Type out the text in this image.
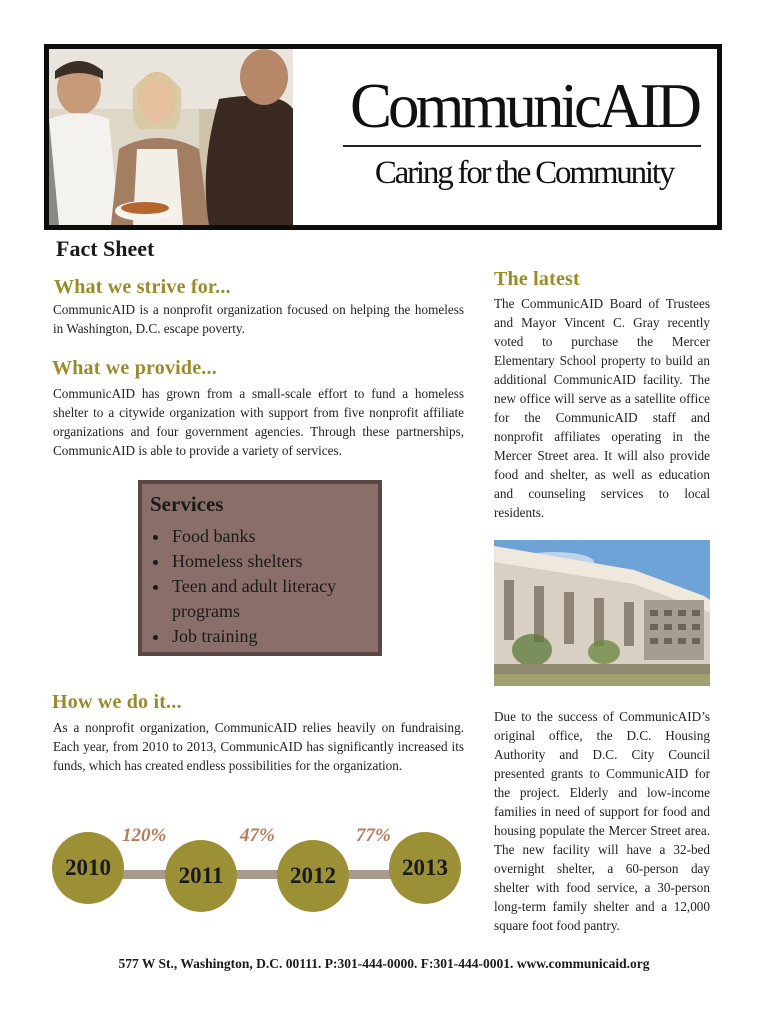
CommunicAID
Caring for the Community
Fact Sheet
What we strive for...
CommunicAID is a nonprofit organization focused on helping the homeless in Washington, D.C. escape poverty.
What we provide...
CommunicAID has grown from a small-scale effort to fund a homeless shelter to a citywide organization with support from five nonprofit affiliate organizations and four government agencies. Through these partnerships, CommunicAID is able to provide a variety of services.
Services
• Food banks
• Homeless shelters
• Teen and adult literacy programs
• Job training
How we do it...
As a nonprofit organization, CommunicAID relies heavily on fundraising. Each year, from 2010 to 2013, CommunicAID has significantly increased its funds, which has created endless possibilities for the organization.
2010	2011	2012	2013
120%	47%	77%
The latest
The CommunicAID Board of Trustees and Mayor Vincent C. Gray recently voted to purchase the Mercer Elementary School property to build an additional CommunicAID facility. The new office will serve as a satellite office for the CommunicAID staff and nonprofit affiliates operating in the Mercer Street area. It will also provide food and shelter, as well as education and counseling services to local residents.
Due to the success of CommunicAID’s original office, the D.C. Housing Authority and D.C. City Council presented grants to CommunicAID for the project. Elderly and low-income families in need of support for food and housing populate the Mercer Street area. The new facility will have a 32-bed overnight shelter, a 60-person day shelter with food service, a 30-person long-term family shelter and a 12,000 square foot food pantry.
577 W St., Washington, D.C. 00111. P:301-444-0000. F:301-444-0001. www.communicaid.org
